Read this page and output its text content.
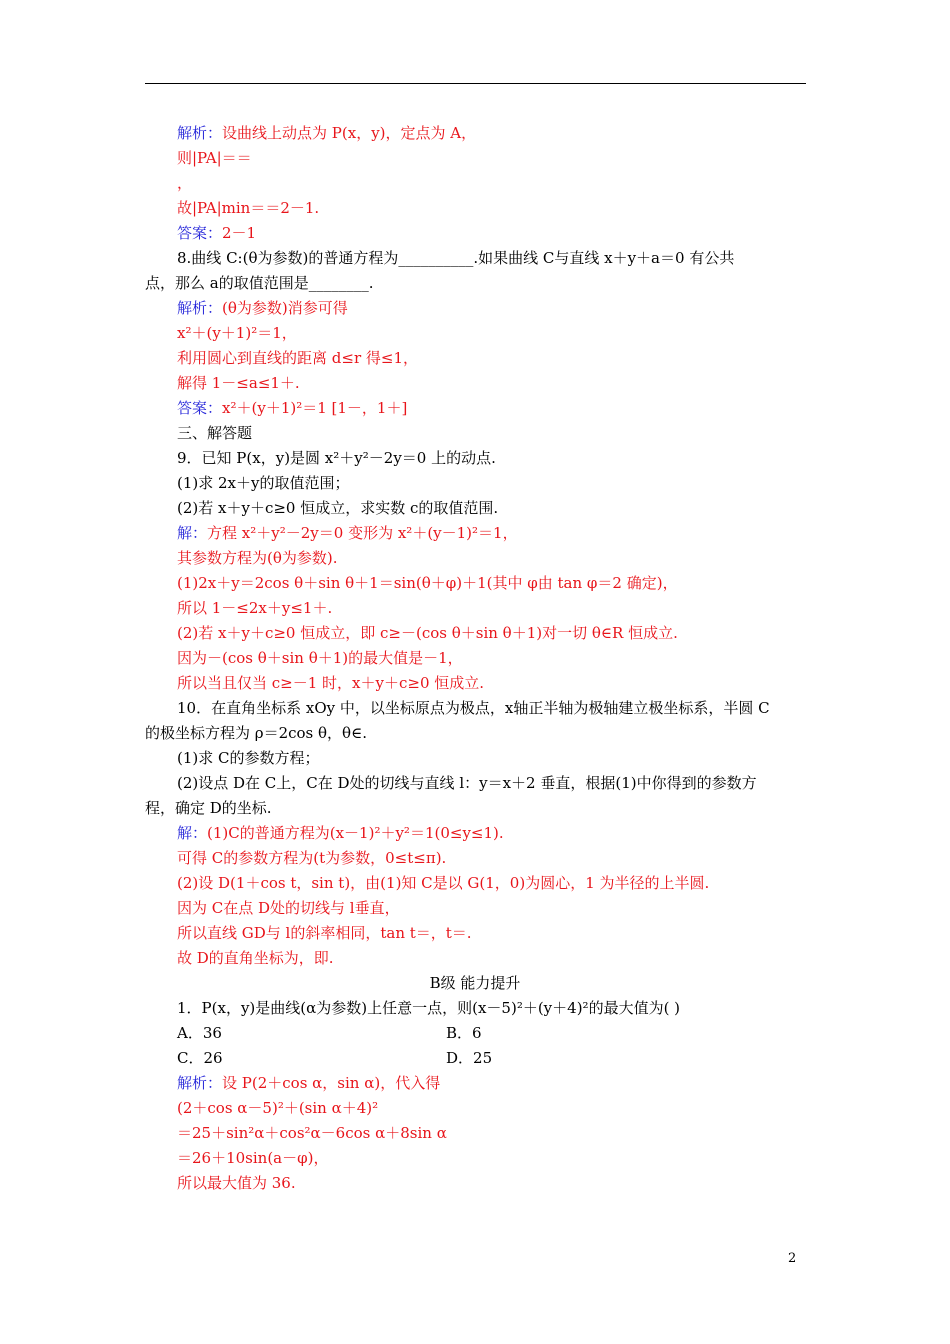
解析：设曲线上动点为 P(x，y)，定点为 A，
则|PA|＝＝
，
故|PA|min＝＝2－1.
答案：2－1
8.曲线 C:(θ为参数)的普通方程为__________.如果曲线 C与直线 x＋y＋a＝0 有公共
点，那么 a的取值范围是________.
解析：(θ为参数)消参可得
x²＋(y＋1)²＝1，
利用圆心到直线的距离 d≤r 得≤1，
解得 1－≤a≤1＋.
答案：x²＋(y＋1)²＝1 [1－，1＋]
三、解答题
9．已知 P(x，y)是圆 x²＋y²－2y＝0 上的动点.
(1)求 2x＋y的取值范围；
(2)若 x＋y＋c≥0 恒成立，求实数 c的取值范围.
解：方程 x²＋y²－2y＝0 变形为 x²＋(y－1)²＝1，
其参数方程为(θ为参数).
(1)2x＋y＝2cos θ＋sin θ＋1＝sin(θ＋φ)＋1(其中 φ由 tan φ＝2 确定)，
所以 1－≤2x＋y≤1＋.
(2)若 x＋y＋c≥0 恒成立，即 c≥－(cos θ＋sin θ＋1)对一切 θ∈R 恒成立.
因为－(cos θ＋sin θ＋1)的最大值是－1，
所以当且仅当 c≥－1 时，x＋y＋c≥0 恒成立.
10．在直角坐标系 xOy 中，以坐标原点为极点，x轴正半轴为极轴建立极坐标系，半圆 C
的极坐标方程为 ρ＝2cos θ，θ∈.
(1)求 C的参数方程；
(2)设点 D在 C上，C在 D处的切线与直线 l：y＝x＋2 垂直，根据(1)中你得到的参数方
程，确定 D的坐标.
解：(1)C的普通方程为(x－1)²＋y²＝1(0≤y≤1).
可得 C的参数方程为(t为参数，0≤t≤π).
(2)设 D(1＋cos t，sin t)，由(1)知 C是以 G(1，0)为圆心，1 为半径的上半圆.
因为 C在点 D处的切线与 l垂直，
所以直线 GD与 l的斜率相同，tan t＝，t＝.
故 D的直角坐标为，即.
B级 能力提升
1．P(x，y)是曲线(α为参数)上任意一点，则(x－5)²＋(y＋4)²的最大值为( )
A．36	B．6
C．26	D．25
解析：设 P(2＋cos α，sin α)，代入得
(2＋cos α－5)²＋(sin α＋4)²
＝25＋sin²α＋cos²α－6cos α＋8sin α
＝26＋10sin(a－φ)，
所以最大值为 36.
2
